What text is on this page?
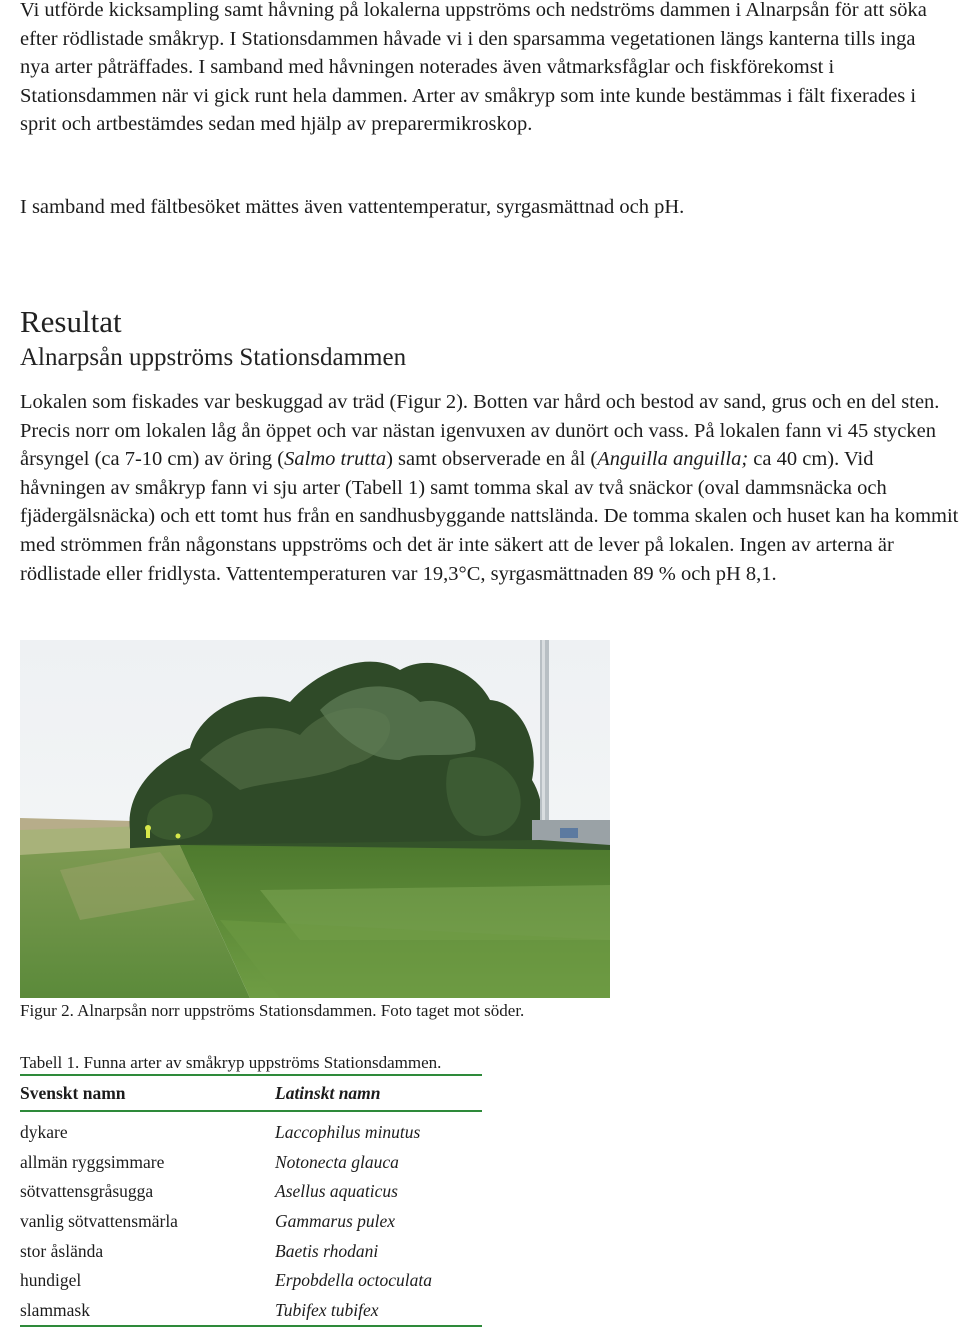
Vi utförde kicksampling samt håvning på lokalerna uppströms och nedströms dammen i Alnarpsån för att söka efter rödlistade småkryp. I Stationsdammen håvade vi i den sparsamma vegetationen längs kanterna tills inga nya arter påträffades. I samband med håvningen noterades även våtmarksfåglar och fiskförekomst i Stationsdammen när vi gick runt hela dammen. Arter av småkryp som inte kunde bestämmas i fält fixerades i sprit och artbestämdes sedan med hjälp av preparermikroskop.

I samband med fältbesöket mättes även vattentemperatur, syrgasmättnad och pH.

Resultat
Alnarpsån uppströms Stationsdammen

Lokalen som fiskades var beskuggad av träd (Figur 2). Botten var hård och bestod av sand, grus och en del sten. Precis norr om lokalen låg ån öppet och var nästan igenvuxen av dunört och vass. På lokalen fann vi 45 stycken årsyngel (ca 7-10 cm) av öring (Salmo trutta) samt observerade en ål (Anguilla anguilla; ca 40 cm). Vid håvningen av småkryp fann vi sju arter (Tabell 1) samt tomma skal av två snäckor (oval dammsnäcka och fjädergälsnäcka) och ett tomt hus från en sandhusbyggande nattslända. De tomma skalen och huset kan ha kommit med strömmen från någonstans uppströms och det är inte säkert att de lever på lokalen. Ingen av arterna är rödlistade eller fridlysta. Vattentemperaturen var 19,3°C, syrgasmättnaden 89 % och pH 8,1.

Figur 2. Alnarpsån norr uppströms Stationsdammen. Foto taget mot söder.

Tabell 1. Funna arter av småkryp uppströms Stationsdammen.

Svenskt namn	Latinskt namn
dykare	Laccophilus minutus
allmän ryggsimmare	Notonecta glauca
sötvattensgråsugga	Asellus aquaticus
vanlig sötvattensmärla	Gammarus pulex
stor åslända	Baetis rhodani
hundigel	Erpobdella octoculata
slammask	Tubifex tubifex
